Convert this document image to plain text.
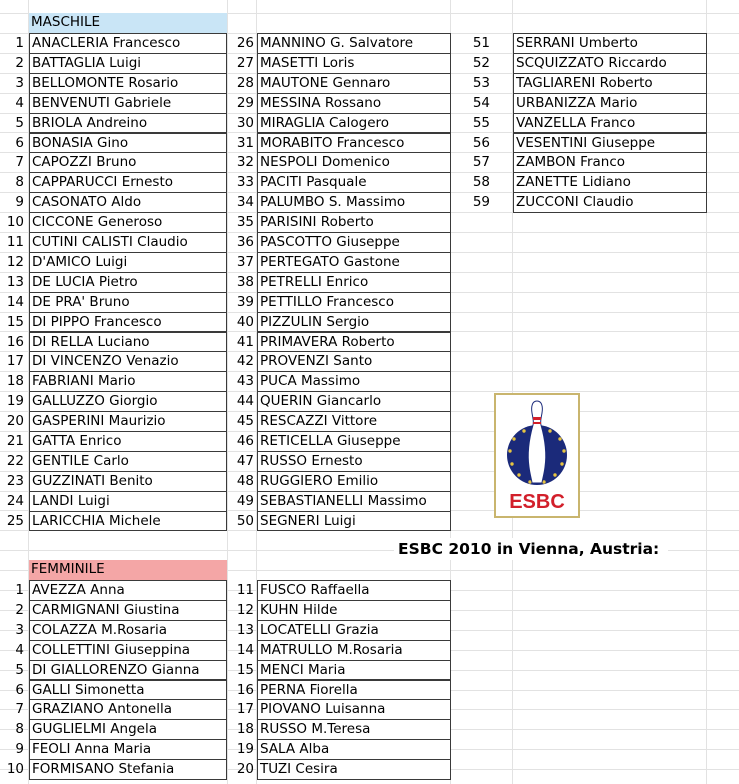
MASCHILE
1 ANACLERIA Francesco
2 BATTAGLIA Luigi
3 BELLOMONTE Rosario
4 BENVENUTI Gabriele
5 BRIOLA Andreino
6 BONASIA Gino
7 CAPOZZI Bruno
8 CAPPARUCCI Ernesto
9 CASONATO Aldo
10 CICCONE Generoso
11 CUTINI CALISTI Claudio
12 D'AMICO Luigi
13 DE LUCIA Pietro
14 DE PRA' Bruno
15 DI PIPPO Francesco
16 DI RELLA Luciano
17 DI VINCENZO Venazio
18 FABRIANI Mario
19 GALLUZZO Giorgio
20 GASPERINI Maurizio
21 GATTA Enrico
22 GENTILE Carlo
23 GUZZINATI Benito
24 LANDI Luigi
25 LARICCHIA Michele
26 MANNINO G. Salvatore
27 MASETTI Loris
28 MAUTONE Gennaro
29 MESSINA Rossano
30 MIRAGLIA Calogero
31 MORABITO Francesco
32 NESPOLI Domenico
33 PACITI Pasquale
34 PALUMBO S. Massimo
35 PARISINI Roberto
36 PASCOTTO Giuseppe
37 PERTEGATO Gastone
38 PETRELLI Enrico
39 PETTILLO Francesco
40 PIZZULIN Sergio
41 PRIMAVERA Roberto
42 PROVENZI Santo
43 PUCA Massimo
44 QUERIN Giancarlo
45 RESCAZZI Vittore
46 RETICELLA Giuseppe
47 RUSSO Ernesto
48 RUGGIERO Emilio
49 SEBASTIANELLI Massimo
50 SEGNERI Luigi
51 SERRANI Umberto
52 SCQUIZZATO Riccardo
53 TAGLIARENI Roberto
54 URBANIZZA Mario
55 VANZELLA Franco
56 VESENTINI Giuseppe
57 ZAMBON Franco
58 ZANETTE Lidiano
59 ZUCCONI Claudio
ESBC
ESBC 2010 in Vienna, Austria:
FEMMINILE
1 AVEZZA Anna
2 CARMIGNANI Giustina
3 COLAZZA M.Rosaria
4 COLLETTINI Giuseppina
5 DI GIALLORENZO Gianna
6 GALLI Simonetta
7 GRAZIANO Antonella
8 GUGLIELMI Angela
9 FEOLI Anna Maria
10 FORMISANO Stefania
11 FUSCO Raffaella
12 KUHN Hilde
13 LOCATELLI Grazia
14 MATRULLO M.Rosaria
15 MENCI Maria
16 PERNA Fiorella
17 PIOVANO Luisanna
18 RUSSO M.Teresa
19 SALA Alba
20 TUZI Cesira
